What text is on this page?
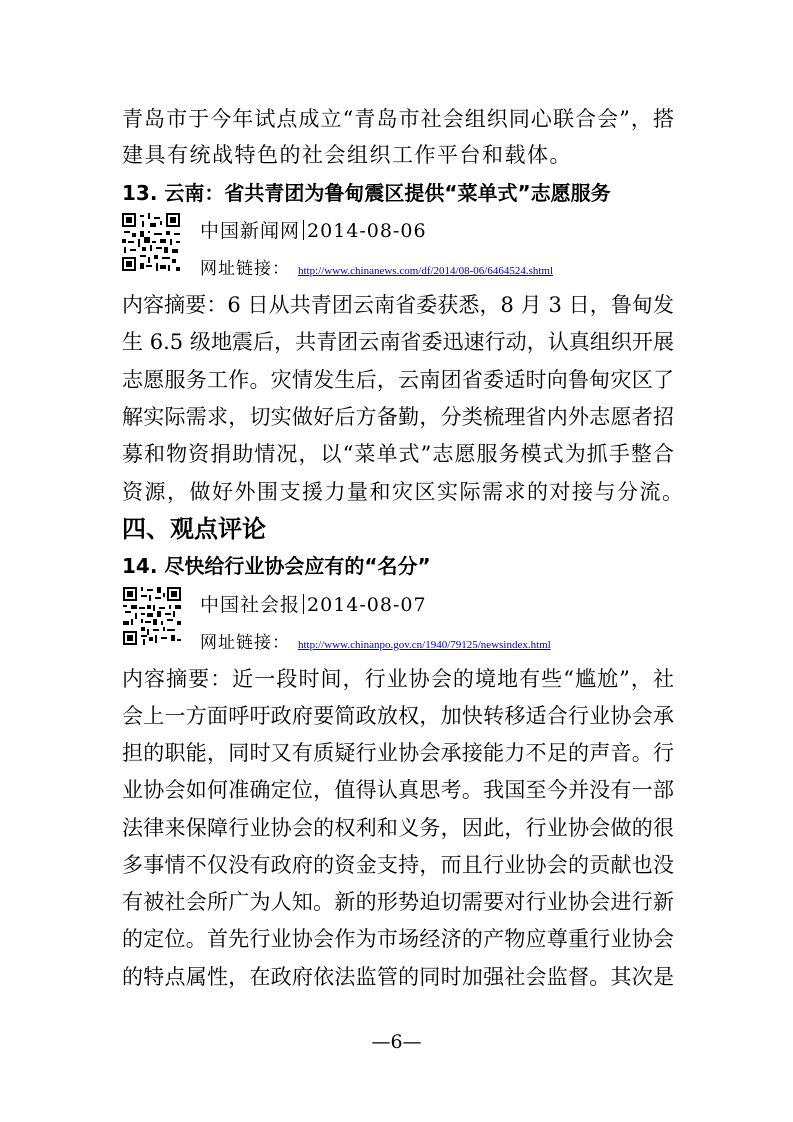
青岛市于今年试点成立“青岛市社会组织同心联合会”，搭
建具有统战特色的社会组织工作平台和载体。
13. 云南：省共青团为鲁甸震区提供“菜单式”志愿服务
中国新闻网 2014-08-06
网址链接： http://www.chinanews.com/df/2014/08-06/6464524.shtml
内容摘要：6 日从共青团云南省委获悉，8 月 3 日，鲁甸发
生 6.5 级地震后，共青团云南省委迅速行动，认真组织开展
志愿服务工作。灾情发生后，云南团省委适时向鲁甸灾区了
解实际需求，切实做好后方备勤，分类梳理省内外志愿者招
募和物资捐助情况，以“菜单式”志愿服务模式为抓手整合
资源，做好外围支援力量和灾区实际需求的对接与分流。
四、观点评论
14. 尽快给行业协会应有的“名分”
中国社会报 2014-08-07
网址链接： http://www.chinanpo.gov.cn/1940/79125/newsindex.html
内容摘要：近一段时间，行业协会的境地有些“尴尬”，社
会上一方面呼吁政府要简政放权，加快转移适合行业协会承
担的职能，同时又有质疑行业协会承接能力不足的声音。行
业协会如何准确定位，值得认真思考。我国至今并没有一部
法律来保障行业协会的权利和义务，因此，行业协会做的很
多事情不仅没有政府的资金支持，而且行业协会的贡献也没
有被社会所广为人知。新的形势迫切需要对行业协会进行新
的定位。首先行业协会作为市场经济的产物应尊重行业协会
的特点属性，在政府依法监管的同时加强社会监督。其次是
—6—
